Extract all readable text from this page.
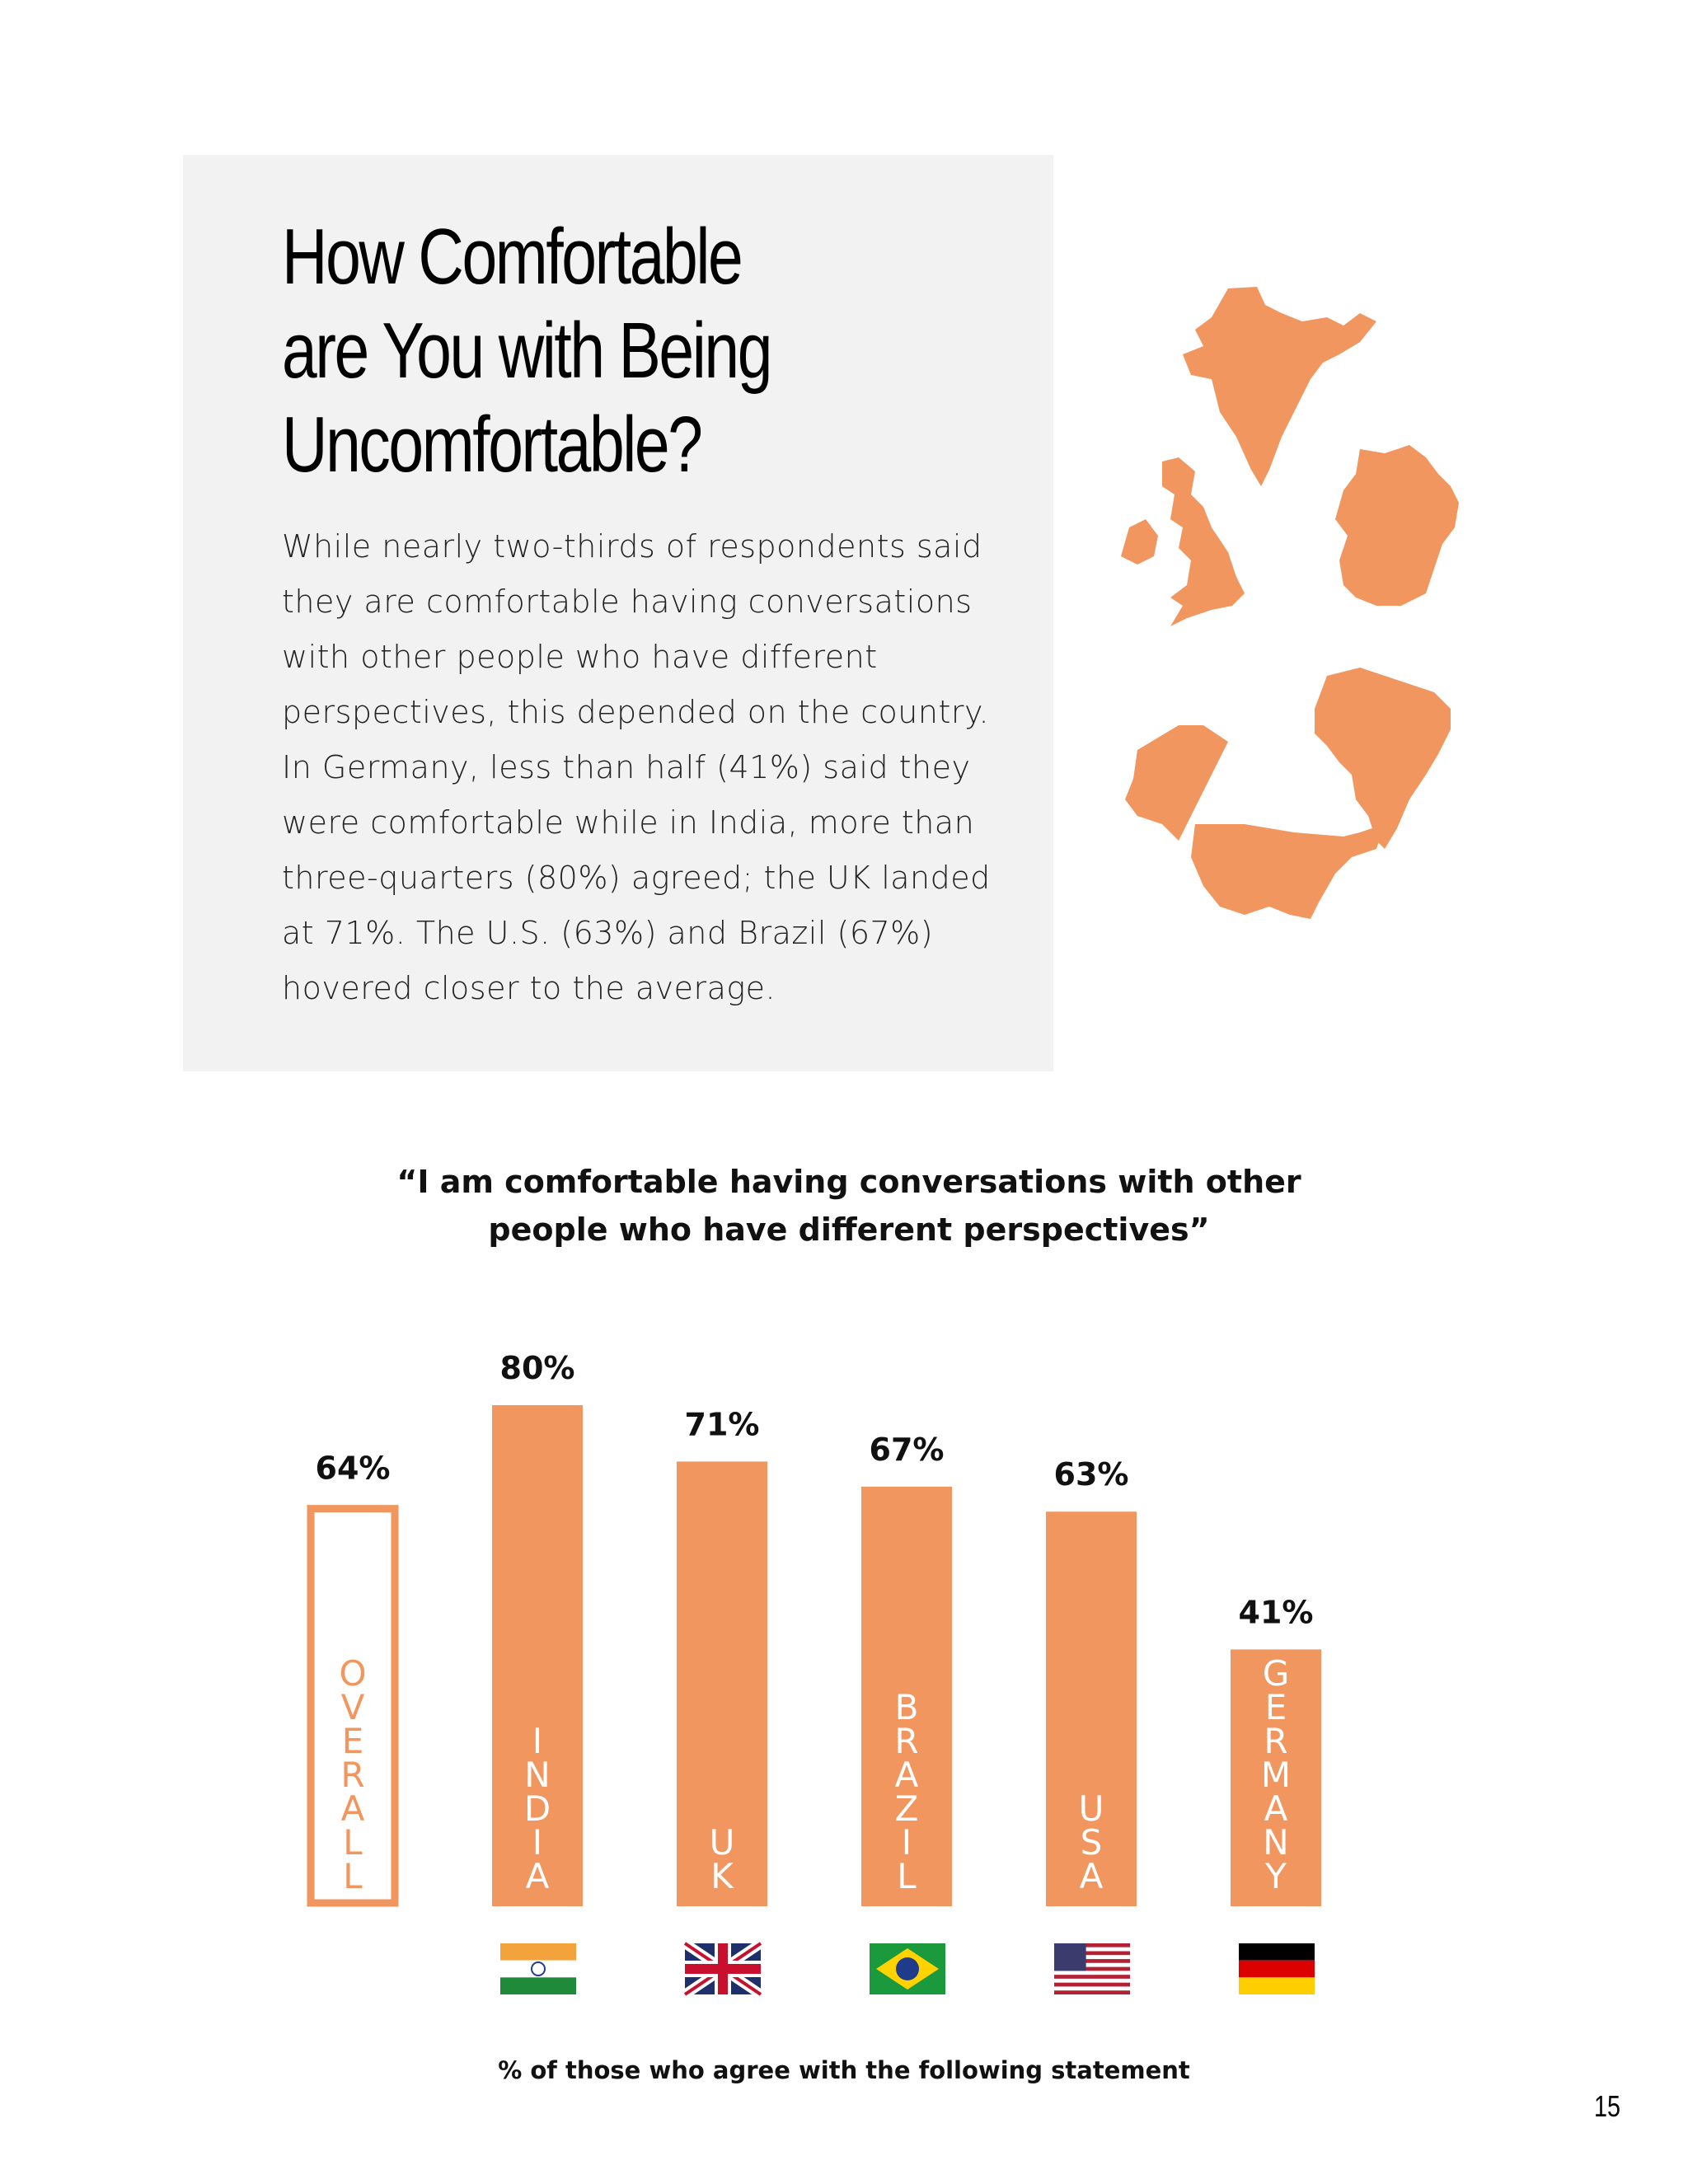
How Comfortable
are You with Being
Uncomfortable?
While nearly two-thirds of respondents said
they are comfortable having conversations
with other people who have different
perspectives, this depended on the country.
In Germany, less than half (41%) said they
were comfortable while in India, more than
three-quarters (80%) agreed; the UK landed
at 71%. The U.S. (63%) and Brazil (67%)
hovered closer to the average.
“I am comfortable having conversations with other
people who have different perspectives”
64%
O
V
E
R
A
L
L
80%
I
N
D
I
A
71%
U
K
67%
B
R
A
Z
I
L
63%
U
S
A
41%
G
E
R
M
A
N
Y
% of those who agree with the following statement
15
